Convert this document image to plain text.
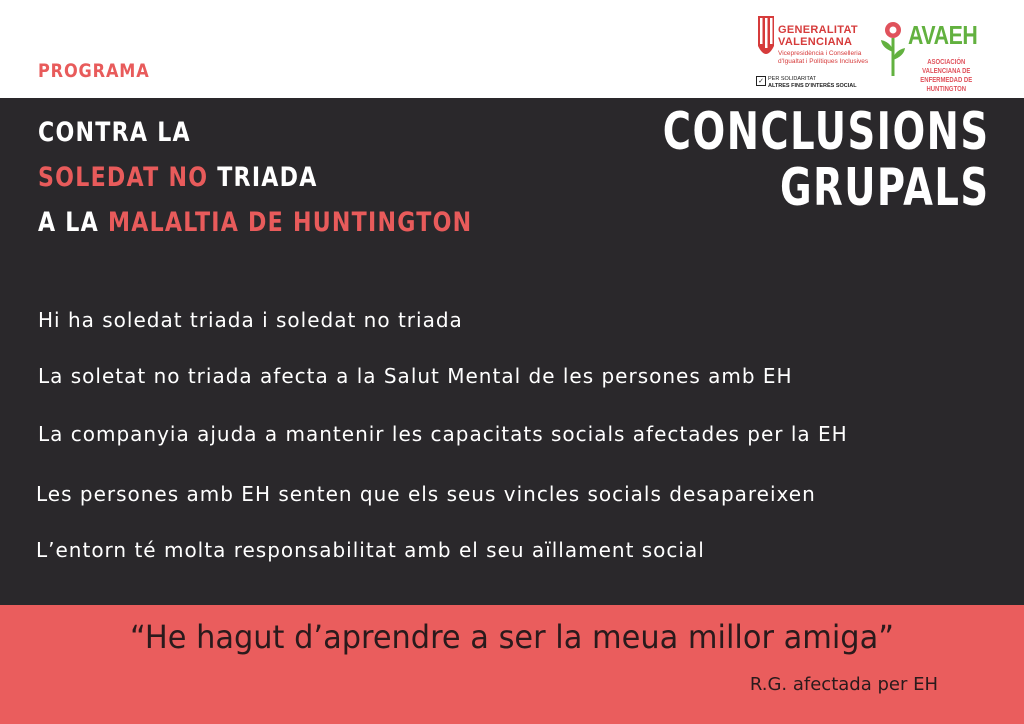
PROGRAMA
GENERALITAT
VALENCIANA
Vicepresidència i Conselleria
d'Igualtat i Polítiques Inclusives
✓ PER SOLIDARITAT
ALTRES FINS D'INTERÈS SOCIAL
AVAEH
ASOCIACIÓN VALENCIANA DE
ENFERMEDAD DE HUNTINGTON
CONTRA LA
SOLEDAT NO TRIADA
A LA MALALTIA DE HUNTINGTON
CONCLUSIONS
GRUPALS
Hi ha soledat triada i soledat no triada
La soletat no triada afecta a la Salut Mental de les persones amb EH
La companyia ajuda a mantenir les capacitats socials afectades per la EH
Les persones amb EH senten que els seus vincles socials desapareixen
L’entorn té molta responsabilitat amb el seu aïllament social
“He hagut d’aprendre a ser la meua millor amiga”
R.G. afectada per EH
